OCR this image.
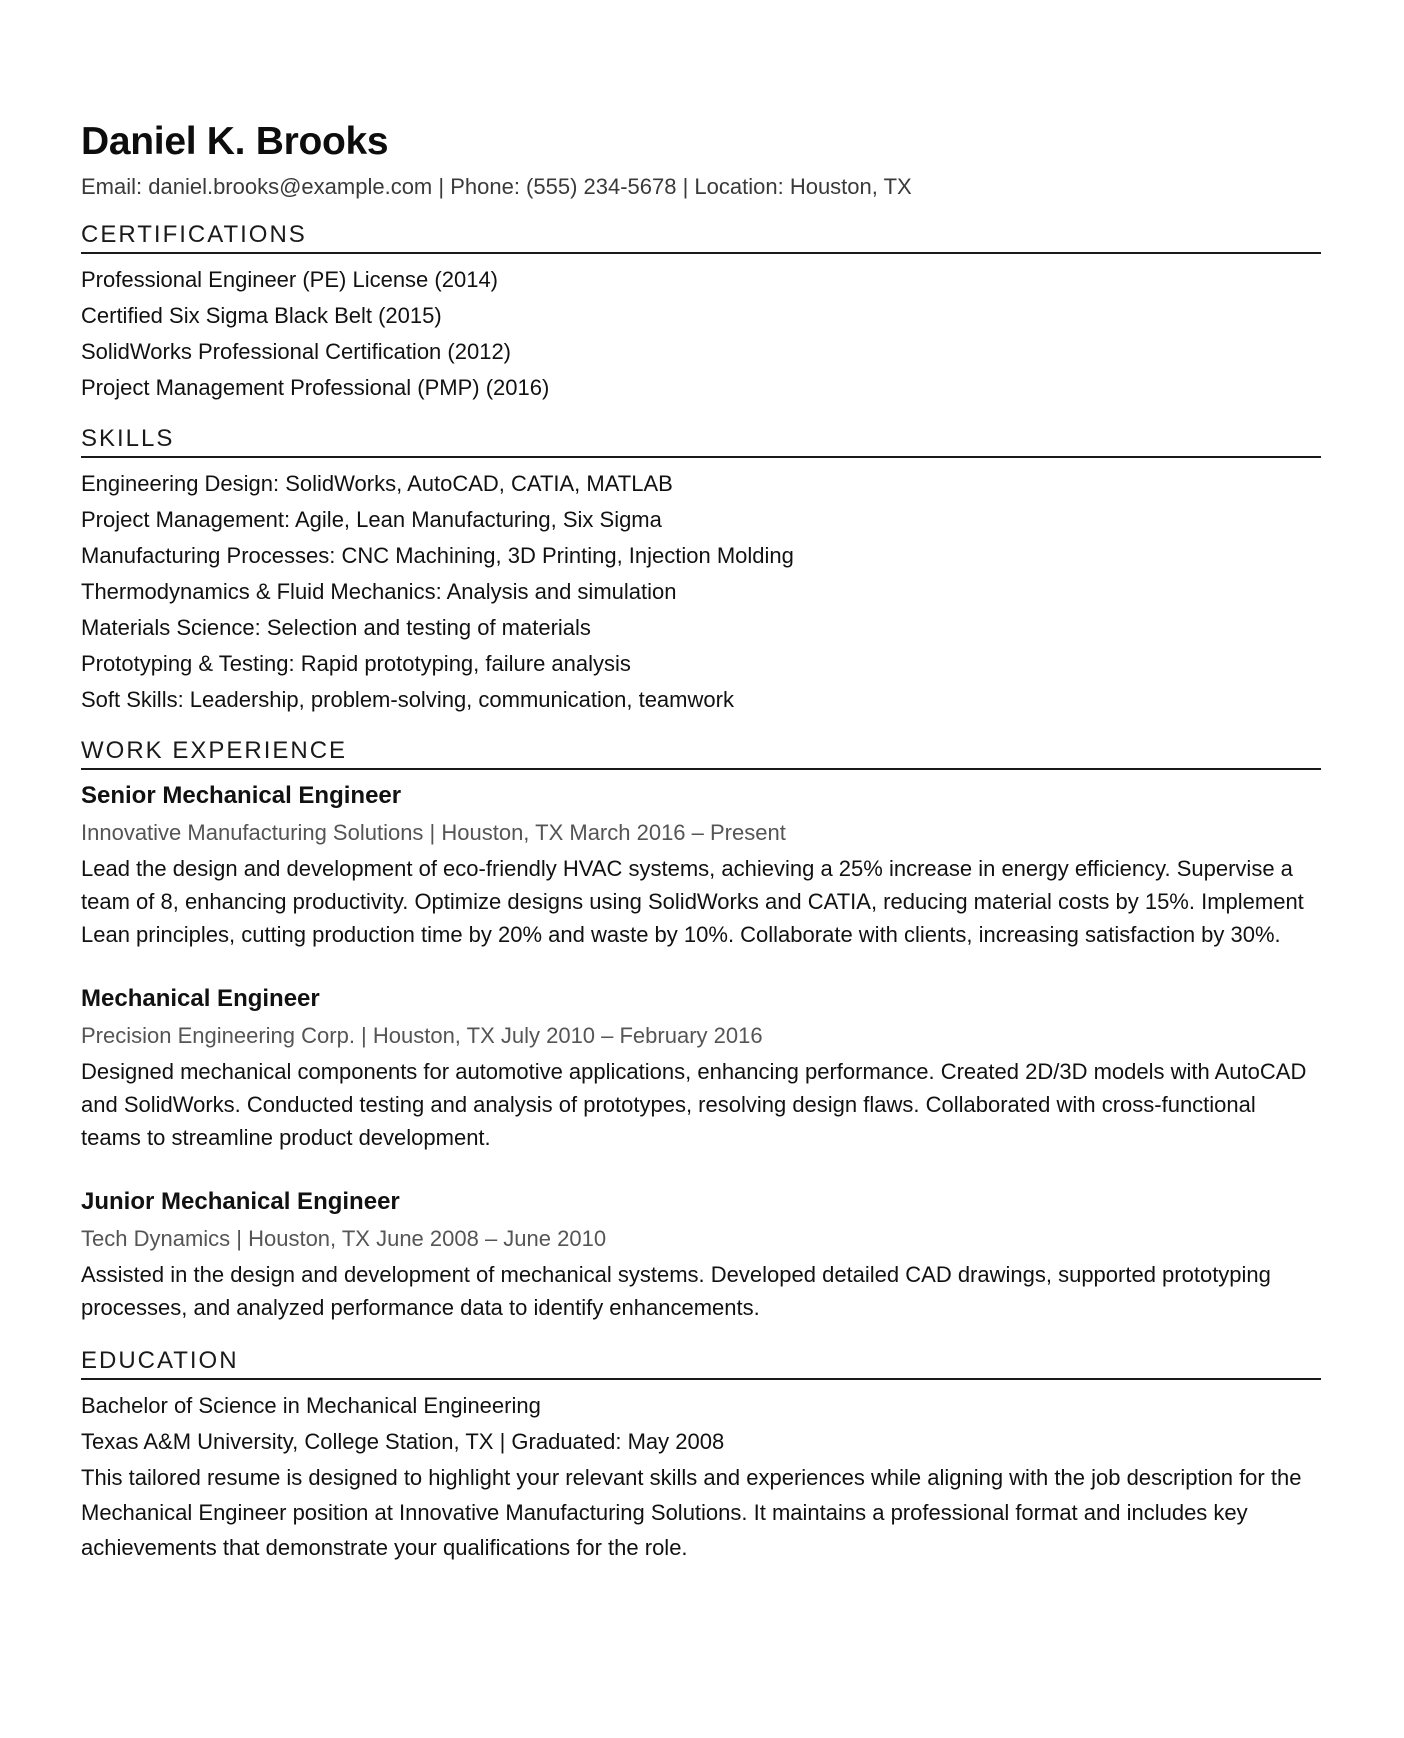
Daniel K. Brooks
Email: daniel.brooks@example.com | Phone: (555) 234-5678 | Location: Houston, TX
CERTIFICATIONS
Professional Engineer (PE) License (2014)
Certified Six Sigma Black Belt (2015)
SolidWorks Professional Certification (2012)
Project Management Professional (PMP) (2016)
SKILLS
Engineering Design: SolidWorks, AutoCAD, CATIA, MATLAB
Project Management: Agile, Lean Manufacturing, Six Sigma
Manufacturing Processes: CNC Machining, 3D Printing, Injection Molding
Thermodynamics & Fluid Mechanics: Analysis and simulation
Materials Science: Selection and testing of materials
Prototyping & Testing: Rapid prototyping, failure analysis
Soft Skills: Leadership, problem-solving, communication, teamwork
WORK EXPERIENCE
Senior Mechanical Engineer
Innovative Manufacturing Solutions | Houston, TX March 2016 – Present
Lead the design and development of eco-friendly HVAC systems, achieving a 25% increase in energy efficiency. Supervise a team of 8, enhancing productivity. Optimize designs using SolidWorks and CATIA, reducing material costs by 15%. Implement Lean principles, cutting production time by 20% and waste by 10%. Collaborate with clients, increasing satisfaction by 30%.
Mechanical Engineer
Precision Engineering Corp. | Houston, TX July 2010 – February 2016
Designed mechanical components for automotive applications, enhancing performance. Created 2D/3D models with AutoCAD and SolidWorks. Conducted testing and analysis of prototypes, resolving design flaws. Collaborated with cross-functional teams to streamline product development.
Junior Mechanical Engineer
Tech Dynamics | Houston, TX June 2008 – June 2010
Assisted in the design and development of mechanical systems. Developed detailed CAD drawings, supported prototyping processes, and analyzed performance data to identify enhancements.
EDUCATION
Bachelor of Science in Mechanical Engineering
Texas A&M University, College Station, TX | Graduated: May 2008
This tailored resume is designed to highlight your relevant skills and experiences while aligning with the job description for the Mechanical Engineer position at Innovative Manufacturing Solutions. It maintains a professional format and includes key achievements that demonstrate your qualifications for the role.
